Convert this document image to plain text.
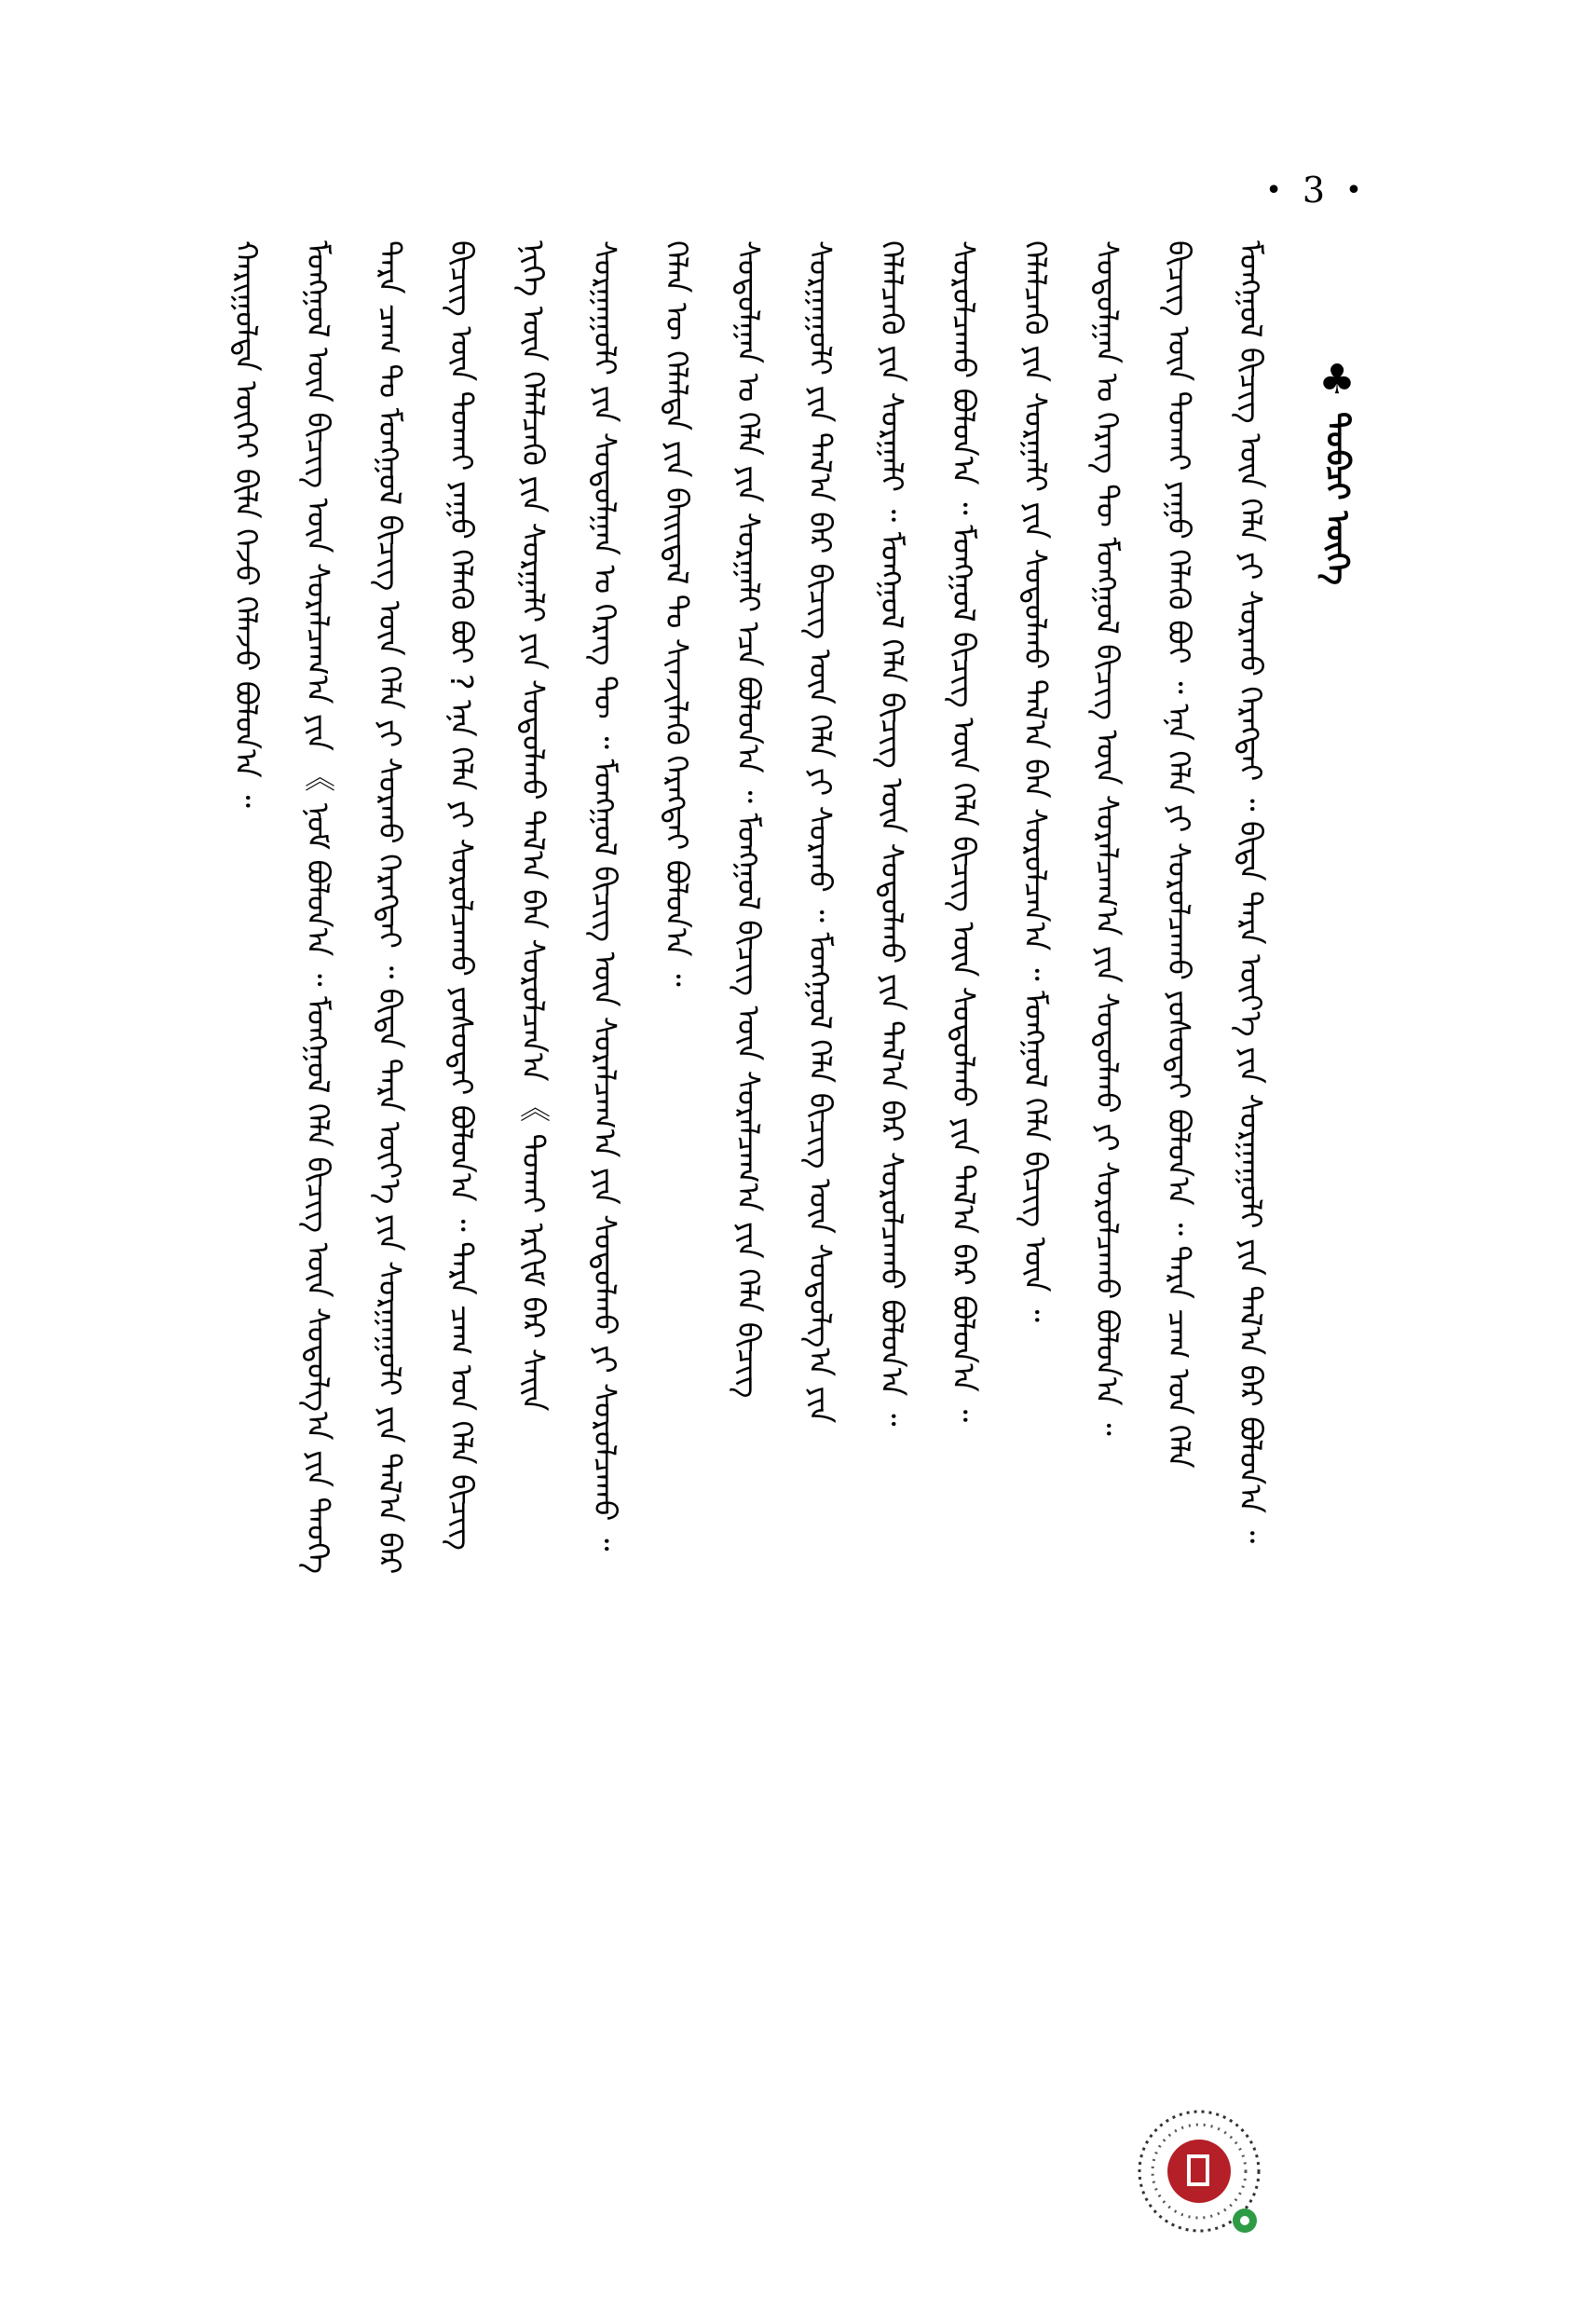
• 3 •
♣
ᠲᠣᠪᠴᠢ ᠦᠭᠡ
ᠬᠠᠷᠢᠭᠤᠯᠲᠠ ᠦᠭᠡᠢ ᠪᠢᠯᠡ ᠭᠡᠵᠦ ᠬᠡᠯᠡᠵᠦ ᠪᠣᠯᠤᠨ᠎ᠠ ᠃ ᠮᠣᠩᠭᠣᠯ ᠦᠨ ᠪᠢᠴᠢᠭ ᠦᠨ ᠰᠤᠷᠠᠯᠴᠠᠭ᠎ᠠ ᠶᠢᠨ 《 ᠨᠣᠮ ᠪᠣᠯᠤᠨ᠎ᠠ ᠃ ᠮᠣᠩᠭᠣᠯ ᠬᠡᠯᠡ ᠪᠢᠴᠢᠭ ᠦᠨ ᠰᠤᠳᠤᠯᠭ᠎ᠠ ᠶᠢᠨ ᠲᠡᠦᠬᠡ ᠲᠡᠷᠡ ᠴᠠᠭ ᠲᠤ ᠮᠣᠩᠭᠣᠯ ᠪᠢᠴᠢᠭ ᠦᠨ ᠬᠡᠯᠡ ᠶᠢ ᠰᠤᠷᠬᠤ ᠬᠡᠷᠡᠭᠲᠡᠢ ᠃ ᠪᠢᠳᠡ ᠲᠡᠷᠡ ᠦᠶ᠎ᠡ ᠶᠢᠨ ᠰᠤᠷᠭᠠᠭᠤᠯᠢ ᠶᠢᠨ ᠲᠠᠯ᠎ᠠ ᠪᠠᠷ ᠪᠢᠴᠢᠭ ᠦᠨ ᠲᠤᠬᠠᠢ ᠶᠠᠭᠤ ᠬᠡᠯᠡᠬᠦ ᠪᠣᠢ ? ᠡᠨᠡ ᠬᠡᠯᠡ ᠶᠢ ᠰᠤᠷᠤᠯᠴᠠᠬᠤ ᠶᠤᠰᠤᠲᠠᠢ ᠪᠣᠯᠤᠨ᠎ᠠ ᠃ ᠲᠡᠷᠡ ᠴᠠᠭ ᠤᠨ ᠬᠡᠯᠡ ᠪᠢᠴᠢᠭ ᠨᠢᠭᠡ ᠦᠨ ᠬᠡᠯᠡᠯᠴᠡᠬᠦ ᠶᠢᠨ ᠰᠤᠷᠭᠠᠯᠢ ᠶᠢᠨ ᠰᠤᠳᠤᠯᠬᠤ ᠲᠠᠯ᠎ᠠ ᠪᠠᠨ ᠰᠤᠷᠤᠯᠴᠠᠨ᠎ᠠ 《 ᠲᠤᠬᠠᠢ ᠡᠷᠬᠢᠮ ᠪᠠᠷ ᠰᠠᠢᠨ ᠰᠤᠷᠭᠠᠭᠤᠯᠢ ᠶᠢᠨ ᠰᠤᠳᠤᠯᠭᠠᠨ ᠤ ᠬᠡᠷᠡᠭ ᠲᠦ ᠃ ᠮᠣᠩᠭᠣᠯ ᠪᠢᠴᠢᠭ ᠦᠨ ᠰᠤᠷᠠᠯᠴᠠᠭ᠎ᠠ ᠶᠢᠨ ᠰᠤᠳᠤᠯᠬᠤ ᠶᠢ ᠰᠤᠷᠤᠯᠴᠠᠬᠤ ᠃ ᠬᠡᠯᠡᠨ ᠦ ᠬᠡᠯᠡᠯᠲᠡ ᠶᠢᠨ ᠪᠠᠢᠢᠳᠠᠯ ᠲᠤ ᠰᠢᠨᠵᠢᠯᠡᠬᠦ ᠬᠡᠷᠡᠭᠲᠡᠢ ᠪᠣᠯᠤᠨ᠎ᠠ ᠃ ᠰᠤᠳᠤᠯᠭᠠᠨ ᠤ ᠬᠡᠯᠡ ᠶᠢᠨ ᠰᠤᠷᠭᠠᠯᠢ ᠡᠴᠡ ᠪᠣᠯᠤᠨ᠎ᠠ ᠃ ᠮᠣᠩᠭᠣᠯ ᠪᠢᠴᠢᠭ ᠦᠨ ᠰᠤᠷᠠᠯᠴᠠᠭ᠎ᠠ ᠶᠢᠨ ᠬᠡᠯᠡ ᠪᠢᠴᠢᠭ ᠰᠤᠷᠭᠠᠭᠤᠯᠢ ᠶᠢᠨ ᠲᠠᠯ᠎ᠠ ᠪᠠᠷ ᠪᠢᠴᠢᠭ ᠦᠨ ᠬᠡᠯᠡ ᠶᠢ ᠰᠤᠷᠬᠤ ᠃ ᠮᠣᠩᠭᠣᠯ ᠬᠡᠯᠡ ᠪᠢᠴᠢᠭ ᠦᠨ ᠰᠤᠳᠤᠯᠭ᠎ᠠ ᠶᠢᠨ ᠬᠡᠯᠡᠯᠴᠡᠬᠦ ᠶᠢᠨ ᠰᠤᠷᠭᠠᠯᠢ ᠃ ᠮᠣᠩᠭᠣᠯ ᠬᠡᠯᠡ ᠪᠢᠴᠢᠭ ᠦᠨ ᠰᠤᠳᠤᠯᠬᠤ ᠶᠢᠨ ᠲᠠᠯ᠎ᠠ ᠪᠠᠷ ᠰᠤᠷᠤᠯᠴᠠᠬᠤ ᠪᠣᠯᠤᠨ᠎ᠠ ᠃ ᠰᠤᠷᠤᠯᠴᠠᠬᠤ ᠪᠣᠯᠤᠨ᠎ᠠ ᠃ ᠮᠣᠩᠭᠣᠯ ᠪᠢᠴᠢᠭ ᠦᠨ ᠬᠡᠯᠡ ᠪᠢᠴᠢᠭ ᠦᠨ ᠰᠤᠳᠤᠯᠬᠤ ᠶᠢᠨ ᠲᠠᠯ᠎ᠠ ᠪᠠᠷ ᠪᠣᠯᠤᠨ᠎ᠠ ᠃ ᠬᠡᠯᠡᠯᠴᠡᠬᠦ ᠶᠢᠨ ᠰᠤᠷᠭᠠᠯᠢ ᠶᠢᠨ ᠰᠤᠳᠤᠯᠬᠤ ᠲᠠᠯ᠎ᠠ ᠪᠠᠨ ᠰᠤᠷᠤᠯᠴᠠᠨ᠎ᠠ ᠃ ᠮᠣᠩᠭᠣᠯ ᠬᠡᠯᠡ ᠪᠢᠴᠢᠭ ᠦᠨ ᠃ ᠰᠤᠳᠤᠯᠭᠠᠨ ᠤ ᠬᠡᠷᠡᠭ ᠲᠦ ᠮᠣᠩᠭᠣᠯ ᠪᠢᠴᠢᠭ ᠦᠨ ᠰᠤᠷᠠᠯᠴᠠᠭ᠎ᠠ ᠶᠢᠨ ᠰᠤᠳᠤᠯᠬᠤ ᠶᠢ ᠰᠤᠷᠤᠯᠴᠠᠬᠤ ᠪᠣᠯᠤᠨ᠎ᠠ ᠃ ᠪᠢᠴᠢᠭ ᠦᠨ ᠲᠤᠬᠠᠢ ᠶᠠᠭᠤ ᠬᠡᠯᠡᠬᠦ ᠪᠣᠢ ᠃ ᠡᠨᠡ ᠬᠡᠯᠡ ᠶᠢ ᠰᠤᠷᠤᠯᠴᠠᠬᠤ ᠶᠤᠰᠤᠲᠠᠢ ᠪᠣᠯᠤᠨ᠎ᠠ ᠃ ᠲᠡᠷᠡ ᠴᠠᠭ ᠤᠨ ᠬᠡᠯᠡ ᠮᠣᠩᠭᠣᠯ ᠪᠢᠴᠢᠭ ᠦᠨ ᠬᠡᠯᠡ ᠶᠢ ᠰᠤᠷᠬᠤ ᠬᠡᠷᠡᠭᠲᠡᠢ ᠃ ᠪᠢᠳᠡ ᠲᠡᠷᠡ ᠦᠶ᠎ᠡ ᠶᠢᠨ ᠰᠤᠷᠭᠠᠭᠤᠯᠢ ᠶᠢᠨ ᠲᠠᠯ᠎ᠠ ᠪᠠᠷ ᠪᠣᠯᠤᠨ᠎ᠠ ᠃
